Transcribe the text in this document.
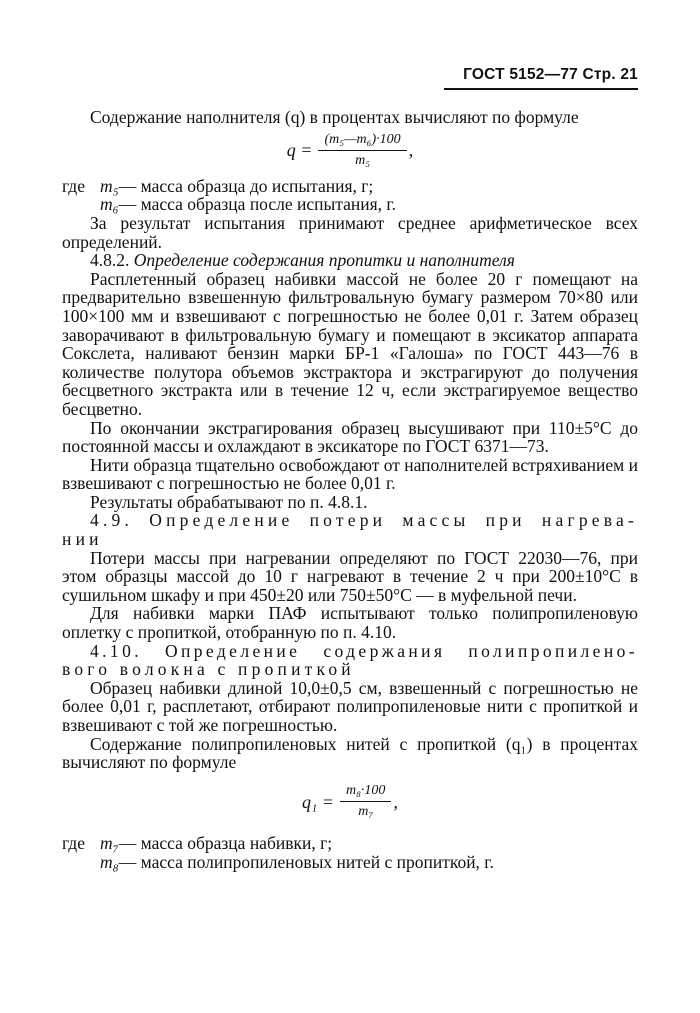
ГОСТ 5152—77 Стр. 21

Содержание наполнителя (q) в процентах вычисляют по формуле

$q = \frac{\text{(m₅—m₆)·100}}{\text{m₅}}$ ,
где m₅ — масса образца до испытания, г;
m₆ — масса образца после испытания, г.

За результат испытания принимают среднее арифметическое всех определений.

4.8.2. Определение содержания пропитки и наполнителя

Расплетенный образец набивки массой не более 20 г помещают на предварительно взвешенную фильтровальную бумагу размером 70×80 или 100×100 мм и взвешивают с погрешностью не более 0,01 г. Затем образец заворачивают в фильтровальную бумагу и помещают в эксикатор аппарата Сокслета, наливают бензин марки БР-1 «Галоша» по ГОСТ 443—76 в количестве полутора объемов экстрактора и экстрагируют до получения бесцветного экстракта или в течение 12 ч, если экстрагируемое вещество бесцветно.

По окончании экстрагирования образец высушивают при 110±5°С до постоянной массы и охлаждают в эксикаторе по ГОСТ 6371—73.

Нити образца тщательно освобождают от наполнителей встряхиванием и взвешивают с погрешностью не более 0,01 г.

Результаты обрабатывают по п. 4.8.1.

4.9. Определение потери массы при нагрева-

нии

Потери массы при нагревании определяют по ГОСТ 22030—76, при этом образцы массой до 10 г нагревают в течение 2 ч при 200±10°С в сушильном шкафу и при 450±20 или 750±50°С — в муфельной печи.

Для набивки марки ПАФ испытывают только полипропиленовую оплетку с пропиткой, отобранную по п. 4.10.

4.10. Определение содержания полипропилено-

вого волокна с пропиткой

Образец набивки длиной 10,0±0,5 см, взвешенный с погрешностью не более 0,01 г, расплетают, отбирают полипропиленовые нити с пропиткой и взвешивают с той же погрешностью.

Содержание полипропиленовых нитей с пропиткой (q₁) в процентах вычисляют по формуле

$q_1 = \frac{\text{m₈·100}}{\text{m₇}}$ ,
где m₇ — масса образца набивки, г;
m₈ — масса полипропиленовых нитей с пропиткой, г.
